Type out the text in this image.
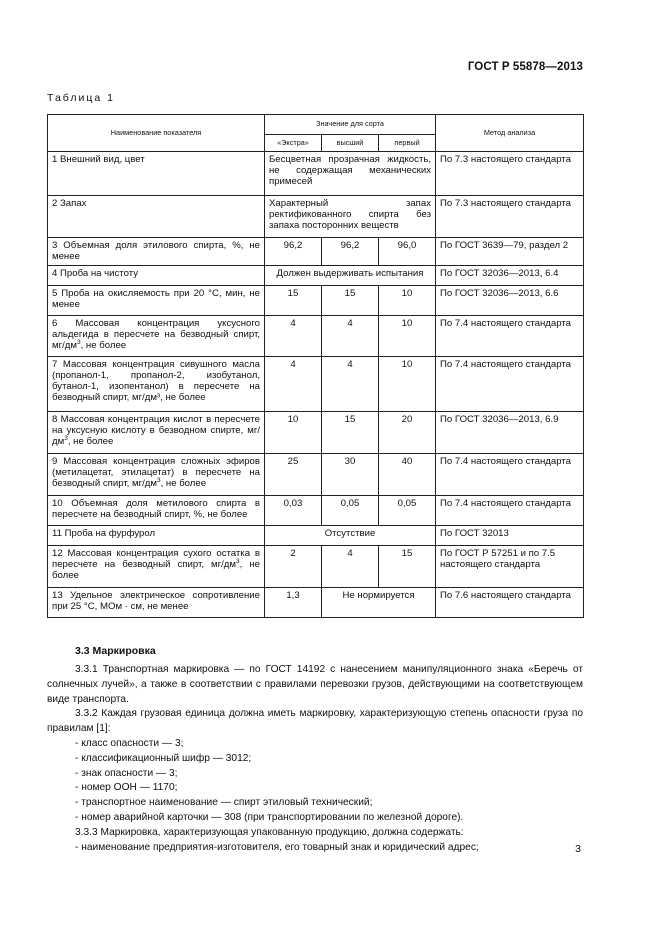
ГОСТ Р 55878—2013
Таблица 1
Наименование показателя	Значение для сорта			Метод анализа
	«Экстра»	высший	первый	
1 Внешний вид, цвет	Бесцветная прозрачная жидкость, не содержащая механических примесей			По 7.3 настоящего стандарта
2 Запах	Характерный запах ректификованного спирта без запаха посторонних веществ			По 7.3 настоящего стандарта
3 Объемная доля этилового спирта, %, не менее	96,2	96,2	96,0	По ГОСТ 3639—79, раздел 2
4 Проба на чистоту	Должен выдерживать испытания			По ГОСТ 32036—2013, 6.4
5 Проба на окисляемость при 20 °С, мин, не менее	15	15	10	По ГОСТ 32036—2013, 6.6
6 Массовая концентрация уксусного альдегида в пересчете на безводный спирт, $мг/дм^3$, не более	4	4	10	По 7.4 настоящего стандарта
7 Массовая концентрация сивушного масла (пропанол-1, пропанол-2, изобутанол, бутанол-1, изопентанол) в пересчете на безводный спирт, мг/дм³, не более	4	4	10	По 7.4 настоящего стандарта
8 Массовая концентрация кислот в пересчете на уксусную кислоту в безводном спирте, $мг/дм^3$, не более	10	15	20	По ГОСТ 32036—2013, 6.9
9 Массовая концентрация сложных эфиров (метилацетат, этилацетат) в пересчете на безводный спирт, $мг/дм^3$, не более	25	30	40	По 7.4 настоящего стандарта
10 Объемная доля метилового спирта в пересчете на безводный спирт, %, не более	0,03	0,05	0,05	По 7.4 настоящего стандарта
11 Проба на фурфурол	Отсутствие			По ГОСТ 32013
12 Массовая концентрация сухого остатка в пересчете на безводный спирт, $мг/дм^3$, не более	2	4	15	По ГОСТ Р 57251 и по 7.5 настоящего стандарта
13 Удельное электрическое сопротивление при 25 °С, МОм · см, не менее	1,3	Не нормируется		По 7.6 настоящего стандарта
3.3 Маркировка

3.3.1 Транспортная маркировка — по ГОСТ 14192 с нанесением манипуляционного знака «Беречь от солнечных лучей», а также в соответствии с правилами перевозки грузов, действующими на соответствующем виде транспорта.

3.3.2 Каждая грузовая единица должна иметь маркировку, характеризующую степень опасности груза по правилам [1]:

- класс опасности — 3;

- классификационный шифр — 3012;

- знак опасности — 3;

- номер ООН — 1170;

- транспортное наименование — спирт этиловый технический;

- номер аварийной карточки — 308 (при транспортировании по железной дороге).

3.3.3 Маркировка, характеризующая упакованную продукцию, должна содержать:

- наименование предприятия-изготовителя, его товарный знак и юридический адрес;	3
